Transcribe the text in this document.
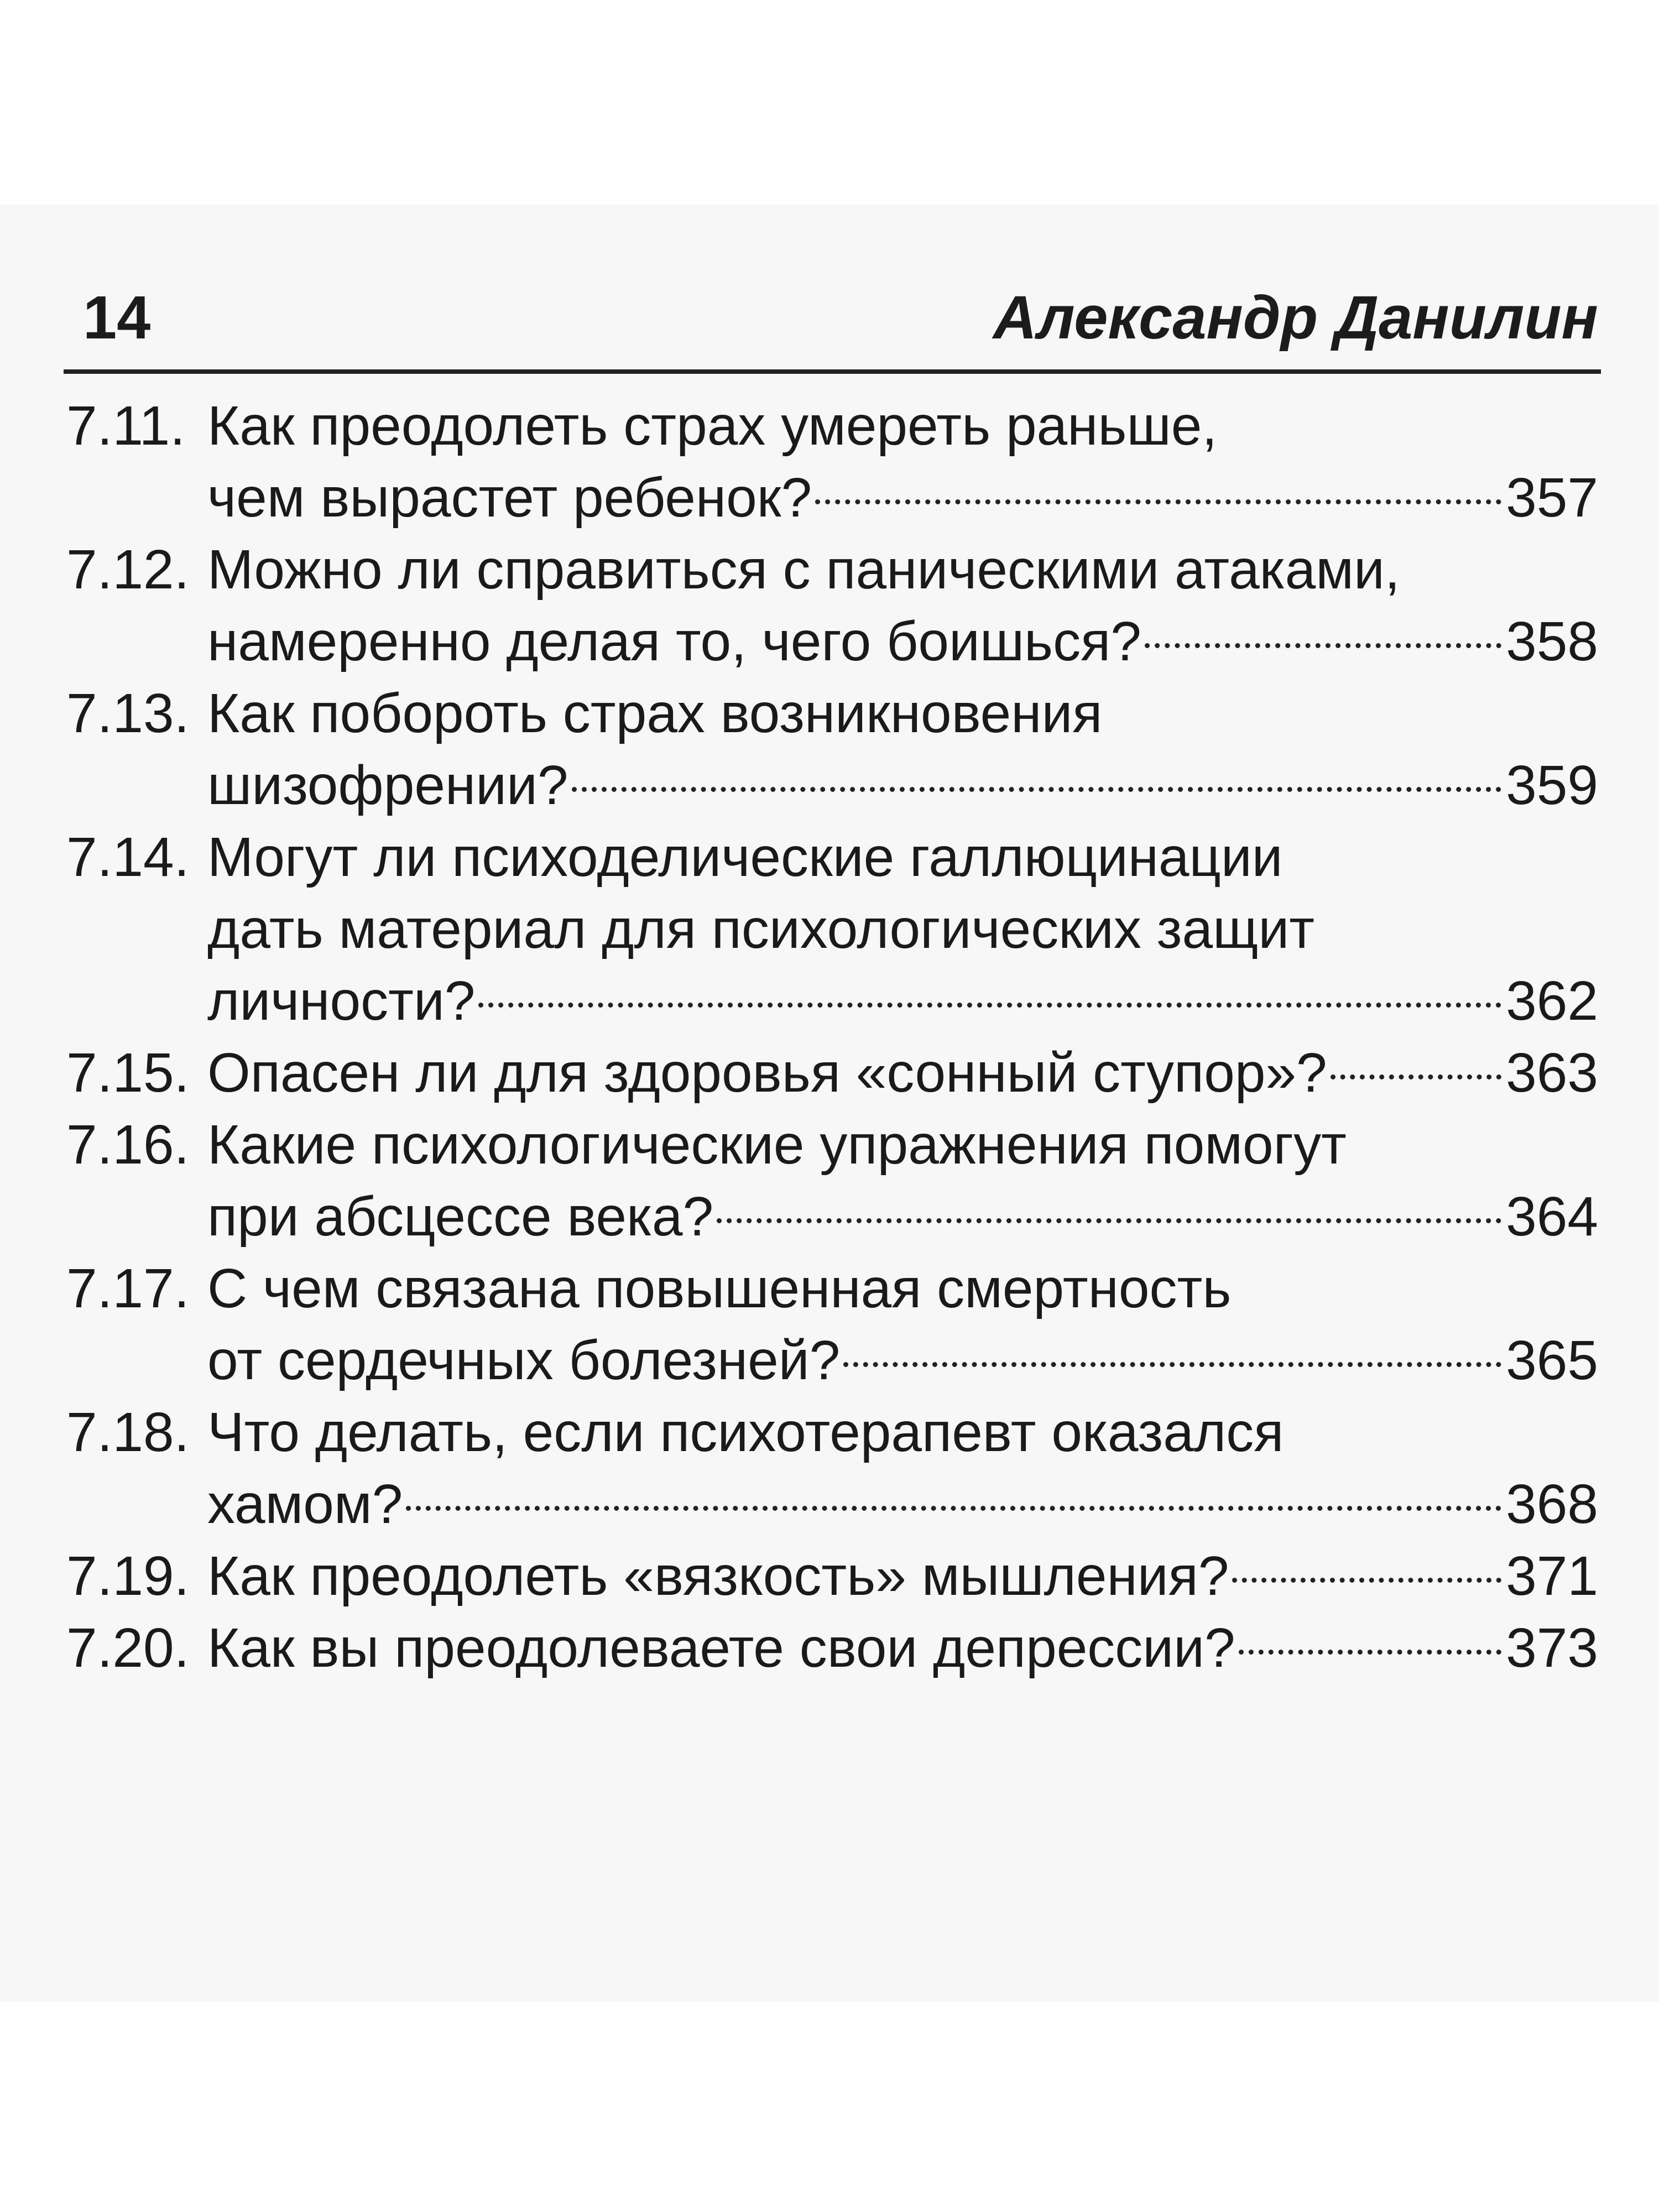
14	Александр Данилин
7.11. Как преодолеть страх умереть раньше,
чем вырастет ребенок?	357
7.12. Можно ли справиться с паническими атаками,
намеренно делая то, чего боишься?	358
7.13. Как побороть страх возникновения
шизофрении?	359
7.14. Могут ли психоделические галлюцинации
дать материал для психологических защит
личности?	362
7.15. Опасен ли для здоровья «сонный ступор»?	363
7.16. Какие психологические упражнения помогут
при абсцессе века?	364
7.17. С чем связана повышенная смертность
от сердечных болезней?	365
7.18. Что делать, если психотерапевт оказался
хамом?	368
7.19. Как преодолеть «вязкость» мышления?	371
7.20. Как вы преодолеваете свои депрессии?	373
